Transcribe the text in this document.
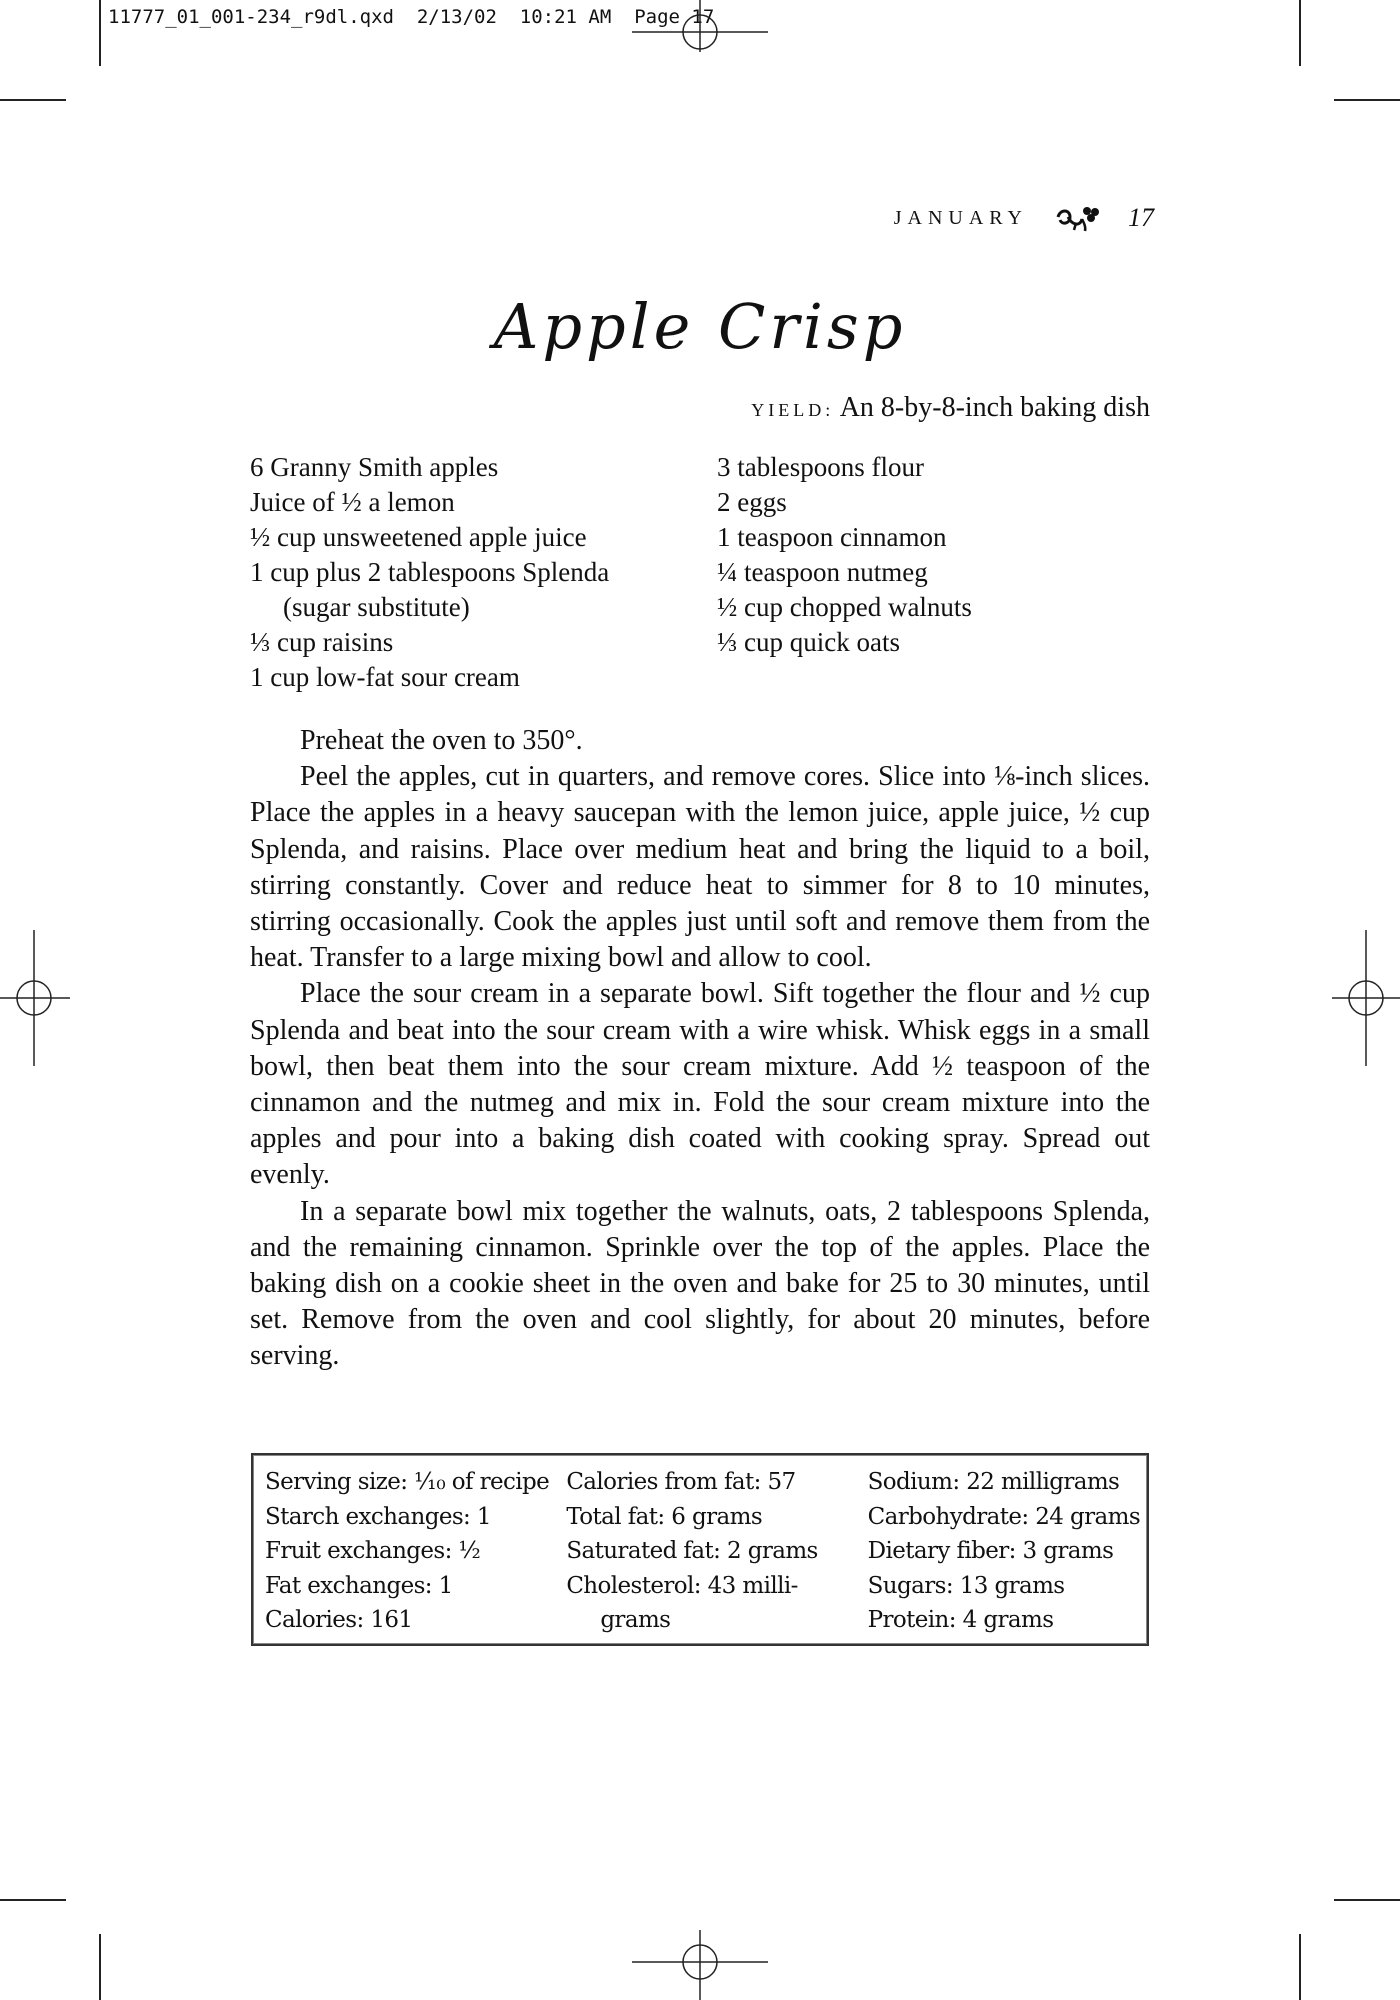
11777_01_001-234_r9dl.qxd  2/13/02  10:21 AM  Page 17
JANUARY	17
Apple Crisp
YIELD: An 8-by-8-inch baking dish
6 Granny Smith apples
Juice of ½ a lemon
½ cup unsweetened apple juice
1 cup plus 2 tablespoons Splenda
(sugar substitute)
⅓ cup raisins
1 cup low-fat sour cream
3 tablespoons flour
2 eggs
1 teaspoon cinnamon
¼ teaspoon nutmeg
½ cup chopped walnuts
⅓ cup quick oats

Preheat the oven to 350°.

Peel the apples, cut in quarters, and remove cores. Slice into ⅛-inch slices. Place the apples in a heavy saucepan with the lemon juice, apple juice, ½ cup Splenda, and raisins. Place over medium heat and bring the liquid to a boil, stirring constantly. Cover and reduce heat to simmer for 8 to 10 minutes, stirring occasionally. Cook the apples just until soft and remove them from the heat. Transfer to a large mixing bowl and allow to cool.

Place the sour cream in a separate bowl. Sift together the flour and ½ cup Splenda and beat into the sour cream with a wire whisk. Whisk eggs in a small bowl, then beat them into the sour cream mixture. Add ½ teaspoon of the cinnamon and the nutmeg and mix in. Fold the sour cream mixture into the apples and pour into a baking dish coated with cooking spray. Spread out evenly.

In a separate bowl mix together the walnuts, oats, 2 tablespoons Splenda, and the remaining cinnamon. Sprinkle over the top of the apples. Place the baking dish on a cookie sheet in the oven and bake for 25 to 30 minutes, until set. Remove from the oven and cool slightly, for about 20 minutes, before serving.

Serving size: ⅒ of recipe
Starch exchanges: 1
Fruit exchanges: ½
Fat exchanges: 1
Calories: 161
Calories from fat: 57
Total fat: 6 grams
Saturated fat: 2 grams
Cholesterol: 43 milli-
grams
Sodium: 22 milligrams
Carbohydrate: 24 grams
Dietary fiber: 3 grams
Sugars: 13 grams
Protein: 4 grams
